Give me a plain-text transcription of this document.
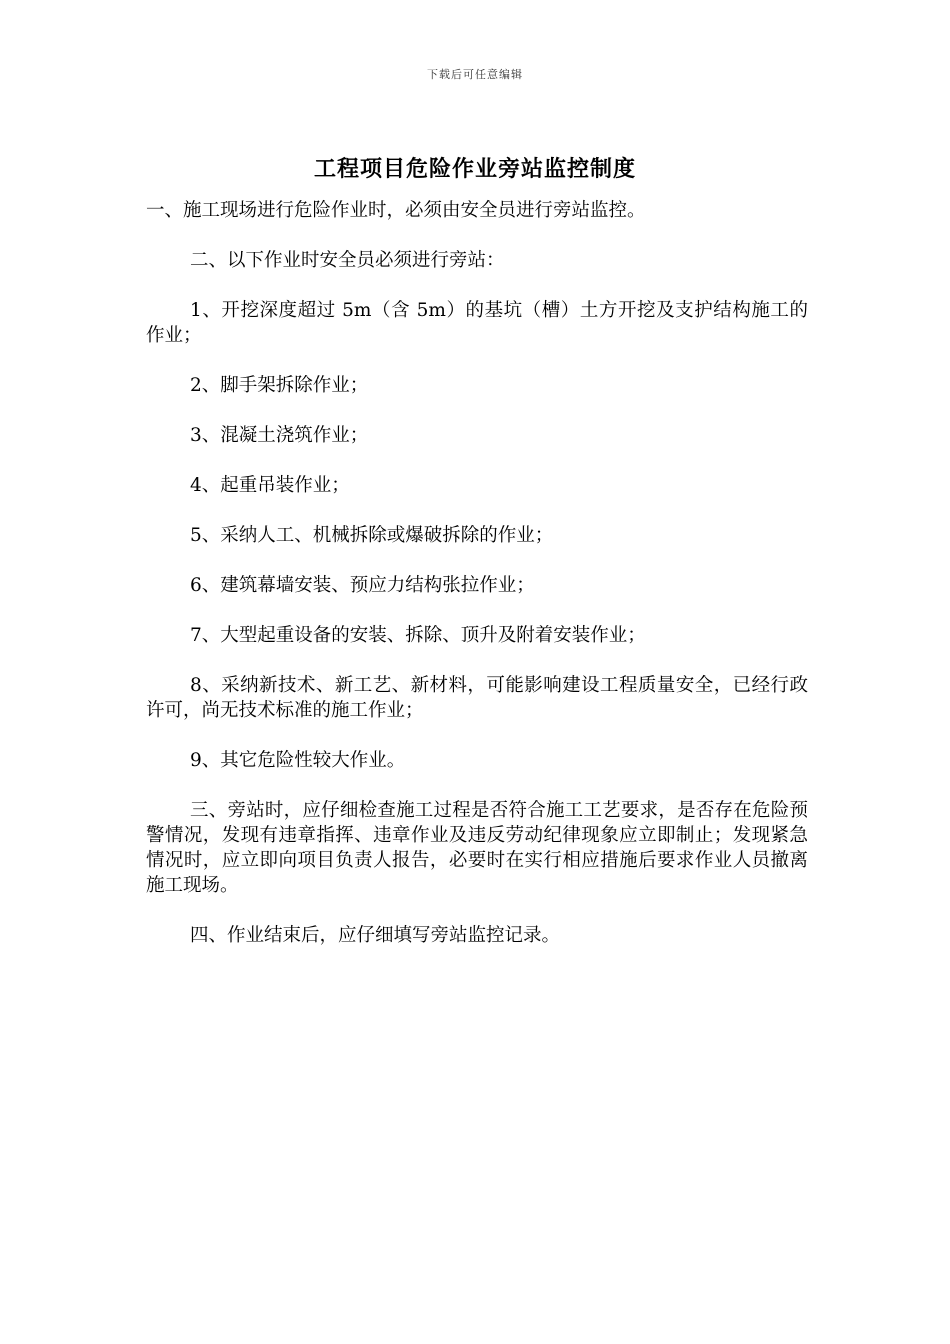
下载后可任意编辑
工程项目危险作业旁站监控制度

一、施工现场进行危险作业时，必须由安全员进行旁站监控。

二、以下作业时安全员必须进行旁站：

1、开挖深度超过 5m（含 5m）的基坑（槽）土方开挖及支护结构施工的作业；

2、脚手架拆除作业；

3、混凝土浇筑作业；

4、起重吊装作业；

5、采纳人工、机械拆除或爆破拆除的作业；

6、建筑幕墙安装、预应力结构张拉作业；

7、大型起重设备的安装、拆除、顶升及附着安装作业；

8、采纳新技术、新工艺、新材料，可能影响建设工程质量安全，已经行政许可，尚无技术标准的施工作业；

9、其它危险性较大作业。

三、旁站时，应仔细检查施工过程是否符合施工工艺要求，是否存在危险预警情况，发现有违章指挥、违章作业及违反劳动纪律现象应立即制止；发现紧急情况时，应立即向项目负责人报告，必要时在实行相应措施后要求作业人员撤离施工现场。

四、作业结束后，应仔细填写旁站监控记录。
